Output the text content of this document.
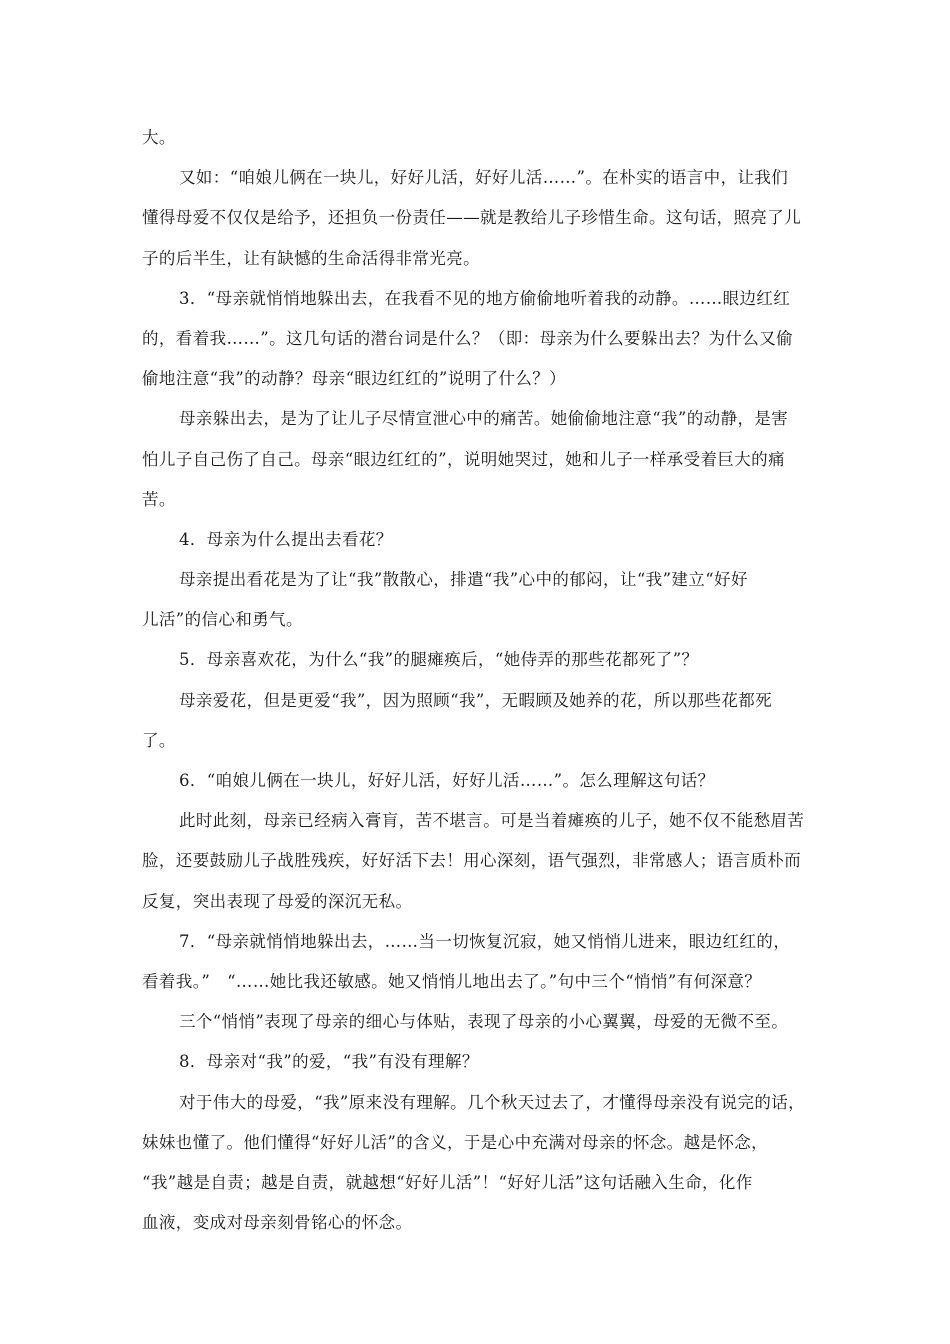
大。
又如：“咱娘儿俩在一块儿，好好儿活，好好儿活……”。在朴实的语言中，让我们
懂得母爱不仅仅是给予，还担负一份责任——就是教给儿子珍惜生命。这句话，照亮了儿
子的后半生，让有缺憾的生命活得非常光亮。
3．“母亲就悄悄地躲出去，在我看不见的地方偷偷地听着我的动静。……眼边红红
的，看着我……”。这几句话的潜台词是什么？（即：母亲为什么要躲出去？为什么又偷
偷地注意“我”的动静？母亲“眼边红红的”说明了什么？）
母亲躲出去，是为了让儿子尽情宣泄心中的痛苦。她偷偷地注意“我”的动静，是害
怕儿子自己伤了自己。母亲“眼边红红的”，说明她哭过，她和儿子一样承受着巨大的痛
苦。
4．母亲为什么提出去看花？
母亲提出看花是为了让“我”散散心，排遣“我”心中的郁闷，让“我”建立“好好
儿活”的信心和勇气。
5．母亲喜欢花，为什么“我”的腿瘫痪后，“她侍弄的那些花都死了”？
母亲爱花，但是更爱“我”，因为照顾“我”，无暇顾及她养的花，所以那些花都死
了。
6．“咱娘儿俩在一块儿，好好儿活，好好儿活……”。怎么理解这句话？
此时此刻，母亲已经病入膏肓，苦不堪言。可是当着瘫痪的儿子，她不仅不能愁眉苦
脸，还要鼓励儿子战胜残疾，好好活下去！用心深刻，语气强烈，非常感人；语言质朴而
反复，突出表现了母爱的深沉无私。
7．“母亲就悄悄地躲出去，……当一切恢复沉寂，她又悄悄儿进来，眼边红红的，
看着我。”　“……她比我还敏感。她又悄悄儿地出去了。”句中三个“悄悄”有何深意？
三个“悄悄”表现了母亲的细心与体贴，表现了母亲的小心翼翼，母爱的无微不至。
8．母亲对“我”的爱，“我”有没有理解？
对于伟大的母爱，“我”原来没有理解。几个秋天过去了，才懂得母亲没有说完的话，
妹妹也懂了。他们懂得“好好儿活”的含义，于是心中充满对母亲的怀念。越是怀念，
“我”越是自责；越是自责，就越想“好好儿活”！“好好儿活”这句话融入生命，化作
血液，变成对母亲刻骨铭心的怀念。
